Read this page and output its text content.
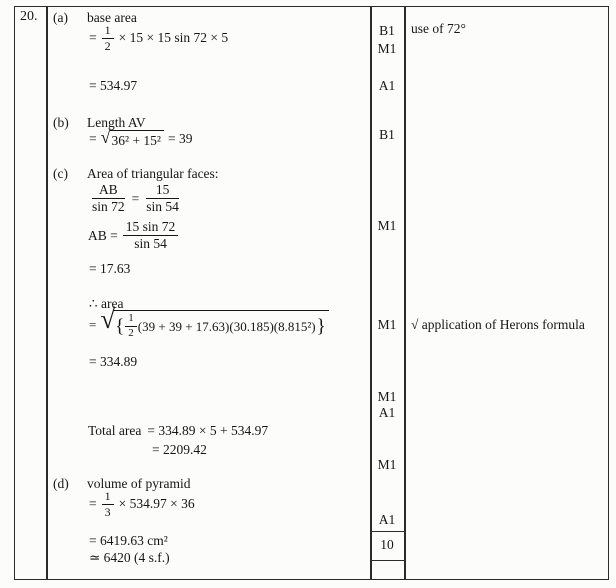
20. (a) base area
= $\frac{1}{2} \times 15 \times 15$ sin 72 × 5
= 534.97
(b) Length AV
= √ 36² + 15² = 39
(c) Area of triangular faces:
$\frac{AB}{\sin 72} = \frac{15}{\sin 54}$
AB = $\frac{15 \sin 72}{\sin 54}$
= 17.63
∴ area
= √ { $\frac{1}{2} (39 + 39 + 17.63)(30.185)(8.815^2)$ }
= 334.89
Total area = 334.89 × 5 + 534.97
= 2209.42
(d) volume of pyramid
= $\frac{1}{3} \times 534.97 \times 36$
= 6419.63 cm²
≃ 6420 (4 s.f.)
B1
M1
A1
B1
M1
M1
M1
A1
M1
A1
10
use of 72°
√ application of Herons formula
